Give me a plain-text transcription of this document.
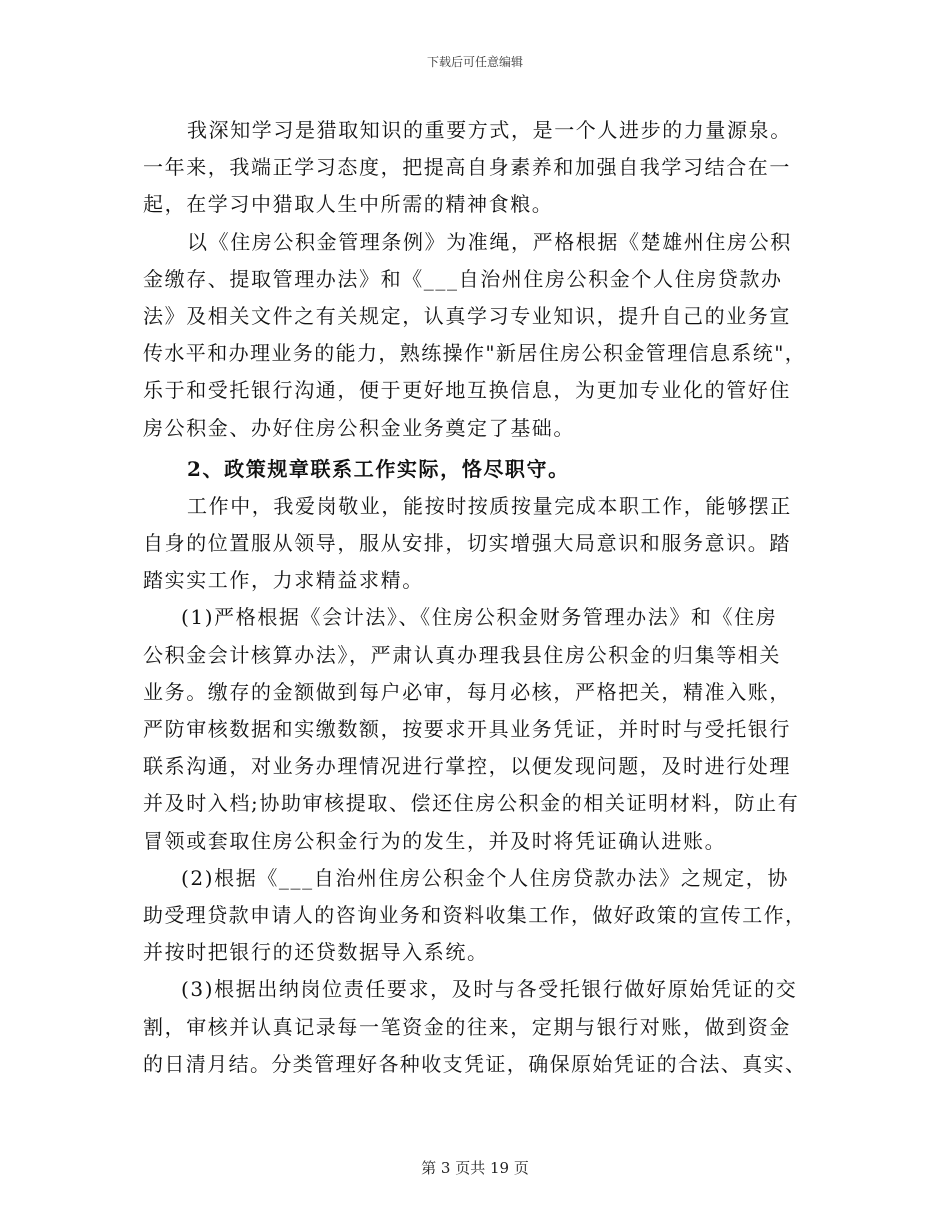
下载后可任意编辑
我深知学习是猎取知识的重要方式，是一个人进步的力量源泉。
一年来，我端正学习态度，把提高自身素养和加强自我学习结合在一
起，在学习中猎取人生中所需的精神食粮。
以《住房公积金管理条例》为准绳，严格根据《楚雄州住房公积
金缴存、提取管理办法》和《___自治州住房公积金个人住房贷款办
法》及相关文件之有关规定，认真学习专业知识，提升自己的业务宣
传水平和办理业务的能力，熟练操作"新居住房公积金管理信息系统"，
乐于和受托银行沟通，便于更好地互换信息，为更加专业化的管好住
房公积金、办好住房公积金业务奠定了基础。
2、政策规章联系工作实际，恪尽职守。
工作中，我爱岗敬业，能按时按质按量完成本职工作，能够摆正
自身的位置服从领导，服从安排，切实增强大局意识和服务意识。踏
踏实实工作，力求精益求精。
(1)严格根据《会计法》、《住房公积金财务管理办法》和《住房
公积金会计核算办法》，严肃认真办理我县住房公积金的归集等相关
业务。缴存的金额做到每户必审，每月必核，严格把关，精准入账，
严防审核数据和实缴数额，按要求开具业务凭证，并时时与受托银行
联系沟通，对业务办理情况进行掌控，以便发现问题，及时进行处理
并及时入档;协助审核提取、偿还住房公积金的相关证明材料，防止有
冒领或套取住房公积金行为的发生，并及时将凭证确认进账。
(2)根据《___自治州住房公积金个人住房贷款办法》之规定，协
助受理贷款申请人的咨询业务和资料收集工作，做好政策的宣传工作，
并按时把银行的还贷数据导入系统。
(3)根据出纳岗位责任要求，及时与各受托银行做好原始凭证的交
割，审核并认真记录每一笔资金的往来，定期与银行对账，做到资金
的日清月结。分类管理好各种收支凭证，确保原始凭证的合法、真实、
第 3 页共 19 页
